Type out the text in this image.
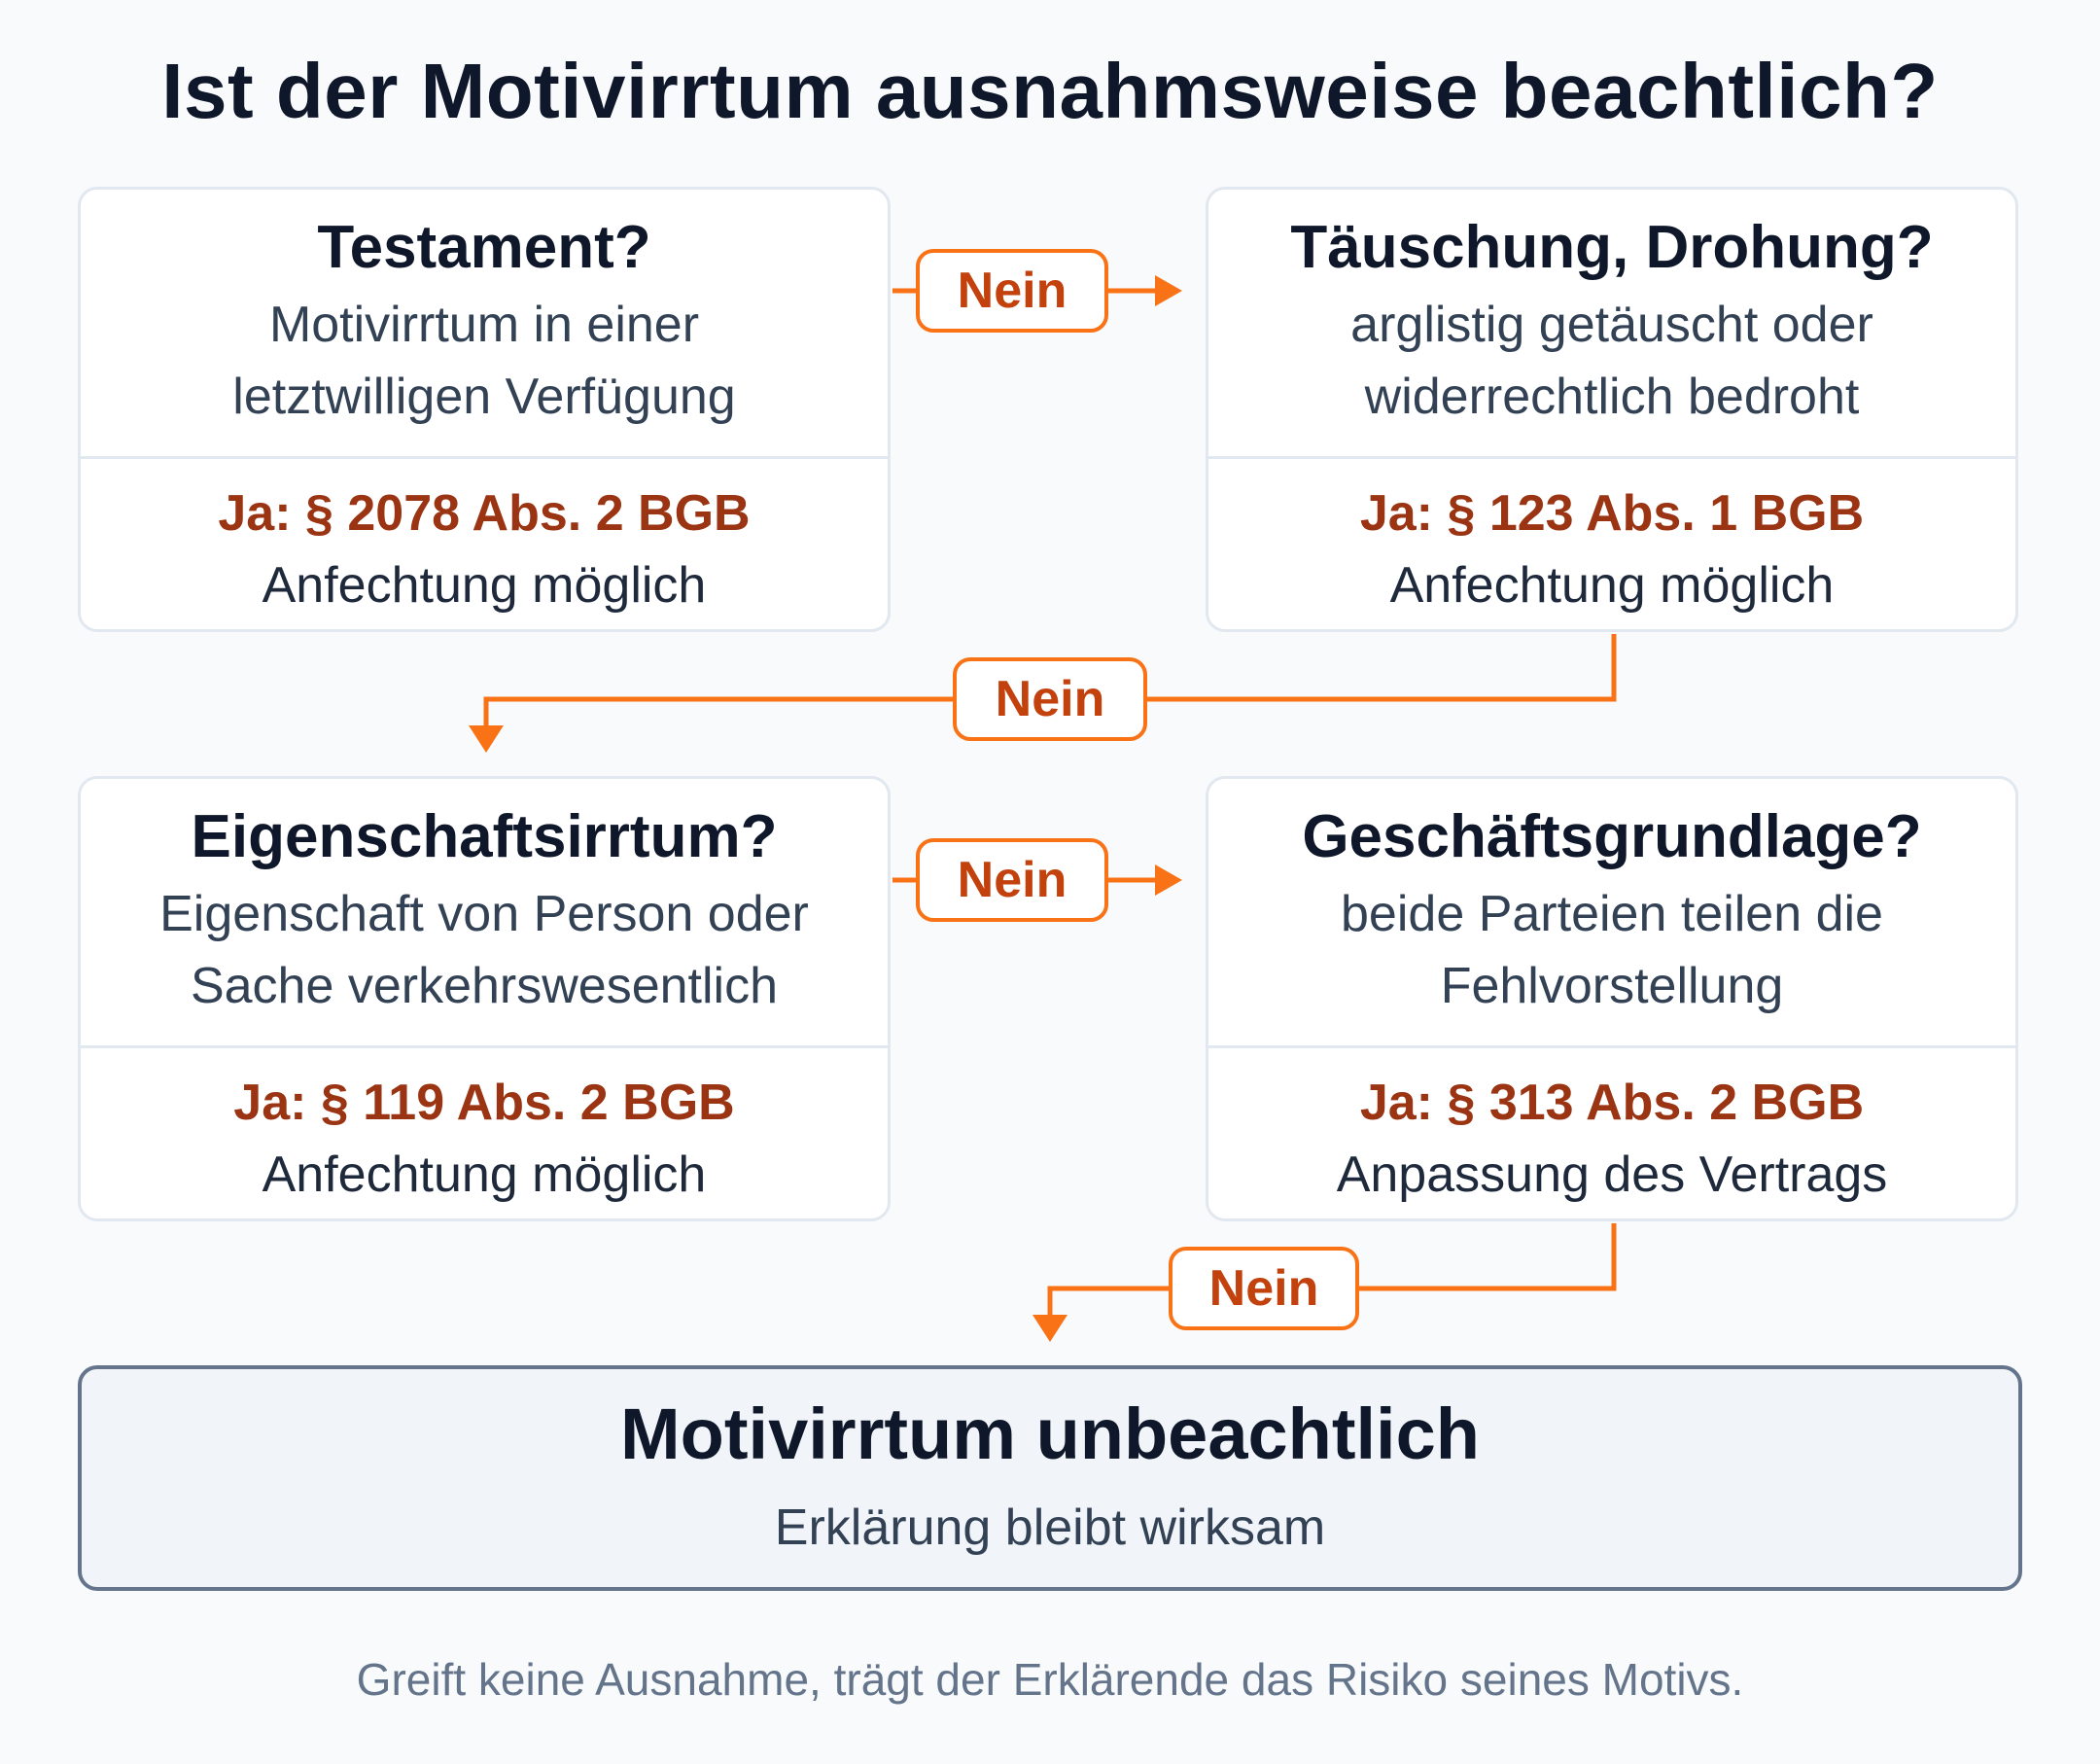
Ist der Motivirrtum ausnahmsweise beachtlich?
Testament?
Motivirrtum in einer
letztwilligen Verfügung
Ja: § 2078 Abs. 2 BGB
Anfechtung möglich
Täuschung, Drohung?
arglistig getäuscht oder
widerrechtlich bedroht
Ja: § 123 Abs. 1 BGB
Anfechtung möglich
Eigenschaftsirrtum?
Eigenschaft von Person oder
Sache verkehrswesentlich
Ja: § 119 Abs. 2 BGB
Anfechtung möglich
Geschäftsgrundlage?
beide Parteien teilen die
Fehlvorstellung
Ja: § 313 Abs. 2 BGB
Anpassung des Vertrags
Nein
Nein
Nein
Nein
Motivirrtum unbeachtlich
Erklärung bleibt wirksam
Greift keine Ausnahme, trägt der Erklärende das Risiko seines Motivs.
